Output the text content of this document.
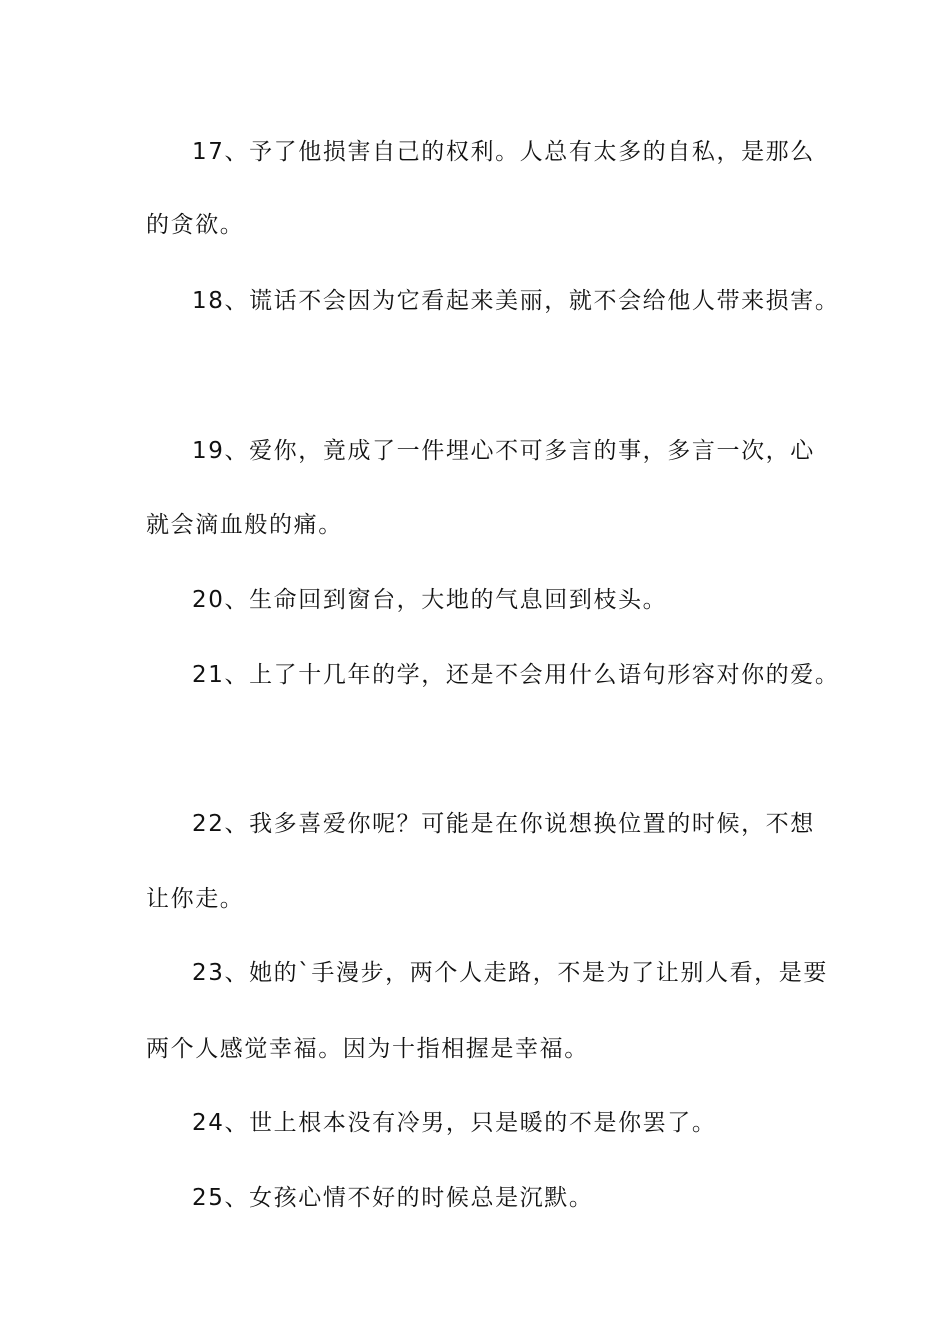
17、予了他损害自己的权利。人总有太多的自私，是那么
的贪欲。
18、谎话不会因为它看起来美丽，就不会给他人带来损害。
19、爱你，竟成了一件埋心不可多言的事，多言一次，心
就会滴血般的痛。
20、生命回到窗台，大地的气息回到枝头。
21、上了十几年的学，还是不会用什么语句形容对你的爱。
22、我多喜爱你呢？可能是在你说想换位置的时候，不想
让你走。
23、她的`手漫步，两个人走路，不是为了让别人看，是要
两个人感觉幸福。因为十指相握是幸福。
24、世上根本没有冷男，只是暖的不是你罢了。
25、女孩心情不好的时候总是沉默。
